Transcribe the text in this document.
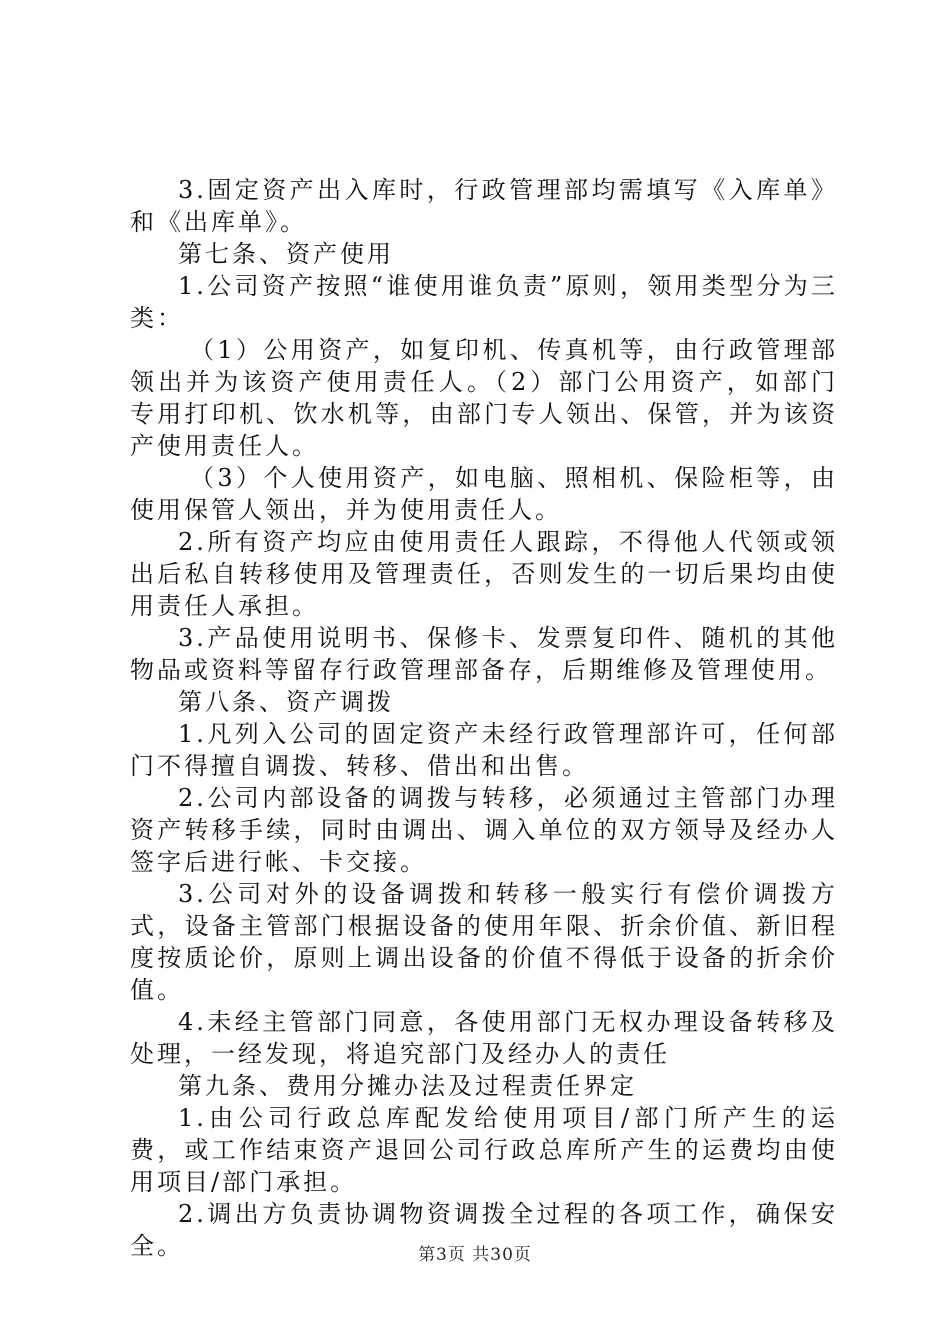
3.固定资产出入库时，行政管理部均需填写《入库单》和《出库单》。

第七条、资产使用

1.公司资产按照“谁使用谁负责”原则，领用类型分为三类：

（1）公用资产，如复印机、传真机等，由行政管理部领出并为该资产使用责任人。（2）部门公用资产，如部门专用打印机、饮水机等，由部门专人领出、保管，并为该资产使用责任人。

（3）个人使用资产，如电脑、照相机、保险柜等，由使用保管人领出，并为使用责任人。

2.所有资产均应由使用责任人跟踪，不得他人代领或领出后私自转移使用及管理责任，否则发生的一切后果均由使用责任人承担。

3.产品使用说明书、保修卡、发票复印件、随机的其他物品或资料等留存行政管理部备存，后期维修及管理使用。

第八条、资产调拨

1.凡列入公司的固定资产未经行政管理部许可，任何部门不得擅自调拨、转移、借出和出售。

2.公司内部设备的调拨与转移，必须通过主管部门办理资产转移手续，同时由调出、调入单位的双方领导及经办人签字后进行帐、卡交接。

3.公司对外的设备调拨和转移一般实行有偿价调拨方式，设备主管部门根据设备的使用年限、折余价值、新旧程度按质论价，原则上调出设备的价值不得低于设备的折余价值。

4.未经主管部门同意，各使用部门无权办理设备转移及处理，一经发现，将追究部门及经办人的责任

第九条、费用分摊办法及过程责任界定

1.由公司行政总库配发给使用项目/部门所产生的运费，或工作结束资产退回公司行政总库所产生的运费均由使用项目/部门承担。

2.调出方负责协调物资调拨全过程的各项工作，确保安全。	第3页 共30页
